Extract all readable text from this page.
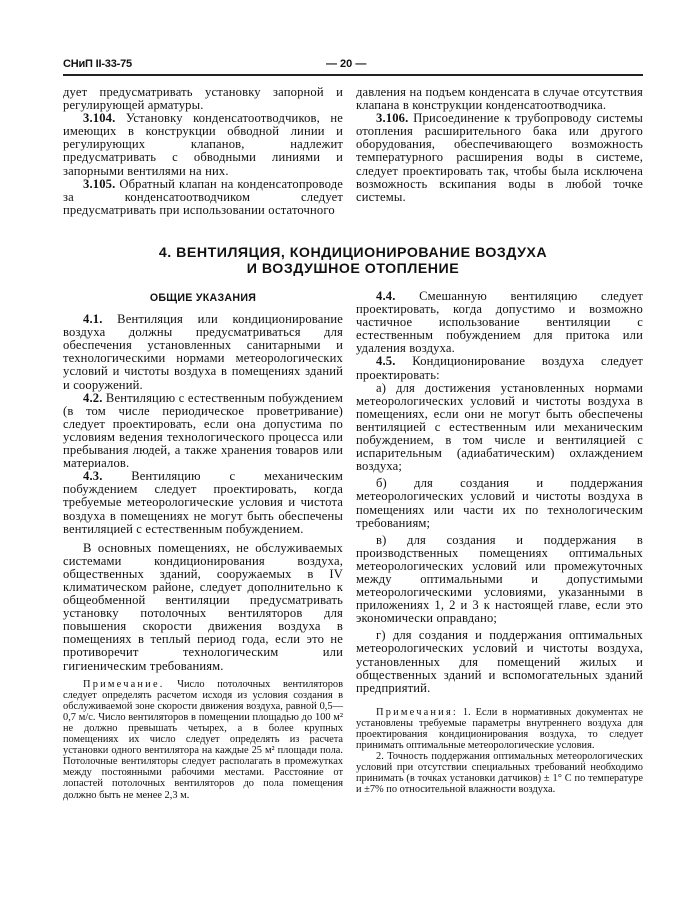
СНиП II-33-75	— 20 —

дует предусматривать установку запорной и регулирующей арматуры.

3.104. Установку конденсатоотводчиков, не имеющих в конструкции обводной линии и регулирующих клапанов, надлежит предусматривать с обводными линиями и запорными вентилями на них.

3.105. Обратный клапан на конденсатопроводе за конденсатоотводчиком следует предусматривать при использовании остаточного

давления на подъем конденсата в случае отсутствия клапана в конструкции конденсатоотводчика.

3.106. Присоединение к трубопроводу системы отопления расширительного бака или другого оборудования, обеспечивающего возможность температурного расширения воды в системе, следует проектировать так, чтобы была исключена возможность вскипания воды в любой точке системы.

4. ВЕНТИЛЯЦИЯ, КОНДИЦИОНИРОВАНИЕ ВОЗДУХА
И ВОЗДУШНОЕ ОТОПЛЕНИЕ

ОБЩИЕ УКАЗАНИЯ

4.1. Вентиляция или кондиционирование воздуха должны предусматриваться для обеспечения установленных санитарными и технологическими нормами метеорологических условий и чистоты воздуха в помещениях зданий и сооружений.

4.2. Вентиляцию с естественным побуждением (в том числе периодическое проветривание) следует проектировать, если она допустима по условиям ведения технологического процесса или пребывания людей, а также хранения товаров или материалов.

4.3. Вентиляцию с механическим побуждением следует проектировать, когда требуемые метеорологические условия и чистота воздуха в помещениях не могут быть обеспечены вентиляцией с естественным побуждением.

В основных помещениях, не обслуживаемых системами кондиционирования воздуха, общественных зданий, сооружаемых в IV климатическом районе, следует дополнительно к общеобменной вентиляции предусматривать установку потолочных вентиляторов для повышения скорости движения воздуха в помещениях в теплый период года, если это не противоречит технологическим или гигиеническим требованиям.

Примечание. Число потолочных вентиляторов следует определять расчетом исходя из условия создания в обслуживаемой зоне скорости движения воздуха, равной 0,5—0,7 м/с. Число вентиляторов в помещении площадью до 100 м² не должно превышать четырех, а в более крупных помещениях их число следует определять из расчета установки одного вентилятора на каждые 25 м² площади пола. Потолочные вентиляторы следует располагать в промежутках между постоянными рабочими местами. Расстояние от лопастей потолочных вентиляторов до пола помещения должно быть не менее 2,3 м.

4.4. Смешанную вентиляцию следует проектировать, когда допустимо и возможно частичное использование вентиляции с естественным побуждением для притока или удаления воздуха.

4.5. Кондиционирование воздуха следует проектировать:

а) для достижения установленных нормами метеорологических условий и чистоты воздуха в помещениях, если они не могут быть обеспечены вентиляцией с естественным или механическим побуждением, в том числе и вентиляцией с испарительным (адиабатическим) охлаждением воздуха;

б) для создания и поддержания метеорологических условий и чистоты воздуха в помещениях или части их по технологическим требованиям;

в) для создания и поддержания в производственных помещениях оптимальных метеорологических условий или промежуточных между оптимальными и допустимыми метеорологическими условиями, указанными в приложениях 1, 2 и 3 к настоящей главе, если это экономически оправдано;

г) для создания и поддержания оптимальных метеорологических условий и чистоты воздуха, установленных для помещений жилых и общественных зданий и вспомогательных зданий предприятий.

Примечания: 1. Если в нормативных документах не установлены требуемые параметры внутреннего воздуха для проектирования кондиционирования воздуха, то следует принимать оптимальные метеорологические условия.

2. Точность поддержания оптимальных метеорологических условий при отсутствии специальных требований необходимо принимать (в точках установки датчиков) ± 1° С по температуре и ±7% по относительной влажности воздуха.
